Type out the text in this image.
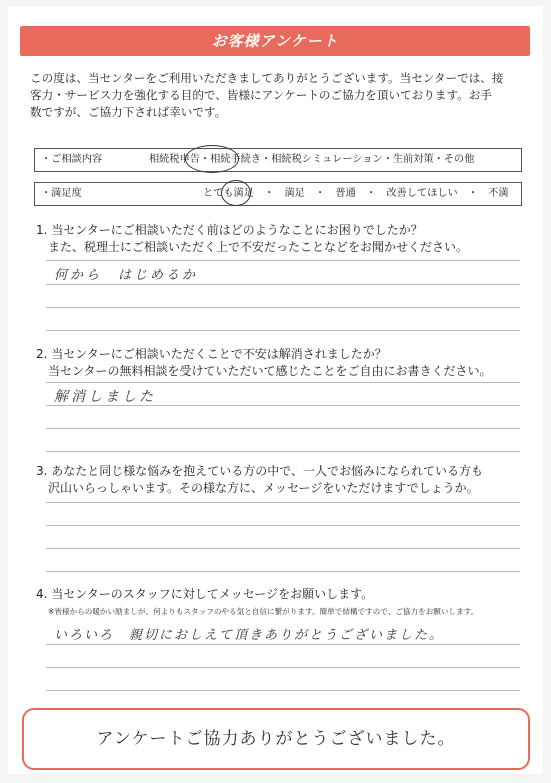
お客様アンケート
この度は、当センターをご利用いただきましてありがとうございます。当センターでは、接
客力・サービス力を強化する目的で、皆様にアンケートのご協力を頂いております。お手
数ですが、ご協力下されば幸いです。
・ご相談内容	相続税申告・相続手続き・相続税シミュレーション・生前対策・その他
・満足度	とても満足　・　満足　・　普通　・　改善してほしい　・　不満
1. 当センターにご相談いただく前はどのようなことにお困りでしたか？
　また、税理士にご相談いただく上で不安だったことなどをお聞かせください。
何から　はじめるか
2. 当センターにご相談いただくことで不安は解消されましたか？
　当センターの無料相談を受けていただいて感じたことをご自由にお書きください。
解消しました
3. あなたと同じ様な悩みを抱えている方の中で、一人でお悩みになられている方も
　沢山いらっしゃいます。その様な方に、メッセージをいただけますでしょうか。
4. 当センターのスタッフに対してメッセージをお願いします。
※皆様からの暖かい励ましが、何よりもスタッフのやる気と自信に繋がります。簡単で結構ですので、ご協力をお願いします。
いろいろ　親切におしえて頂きありがとうございました。
アンケートご協力ありがとうございました。
